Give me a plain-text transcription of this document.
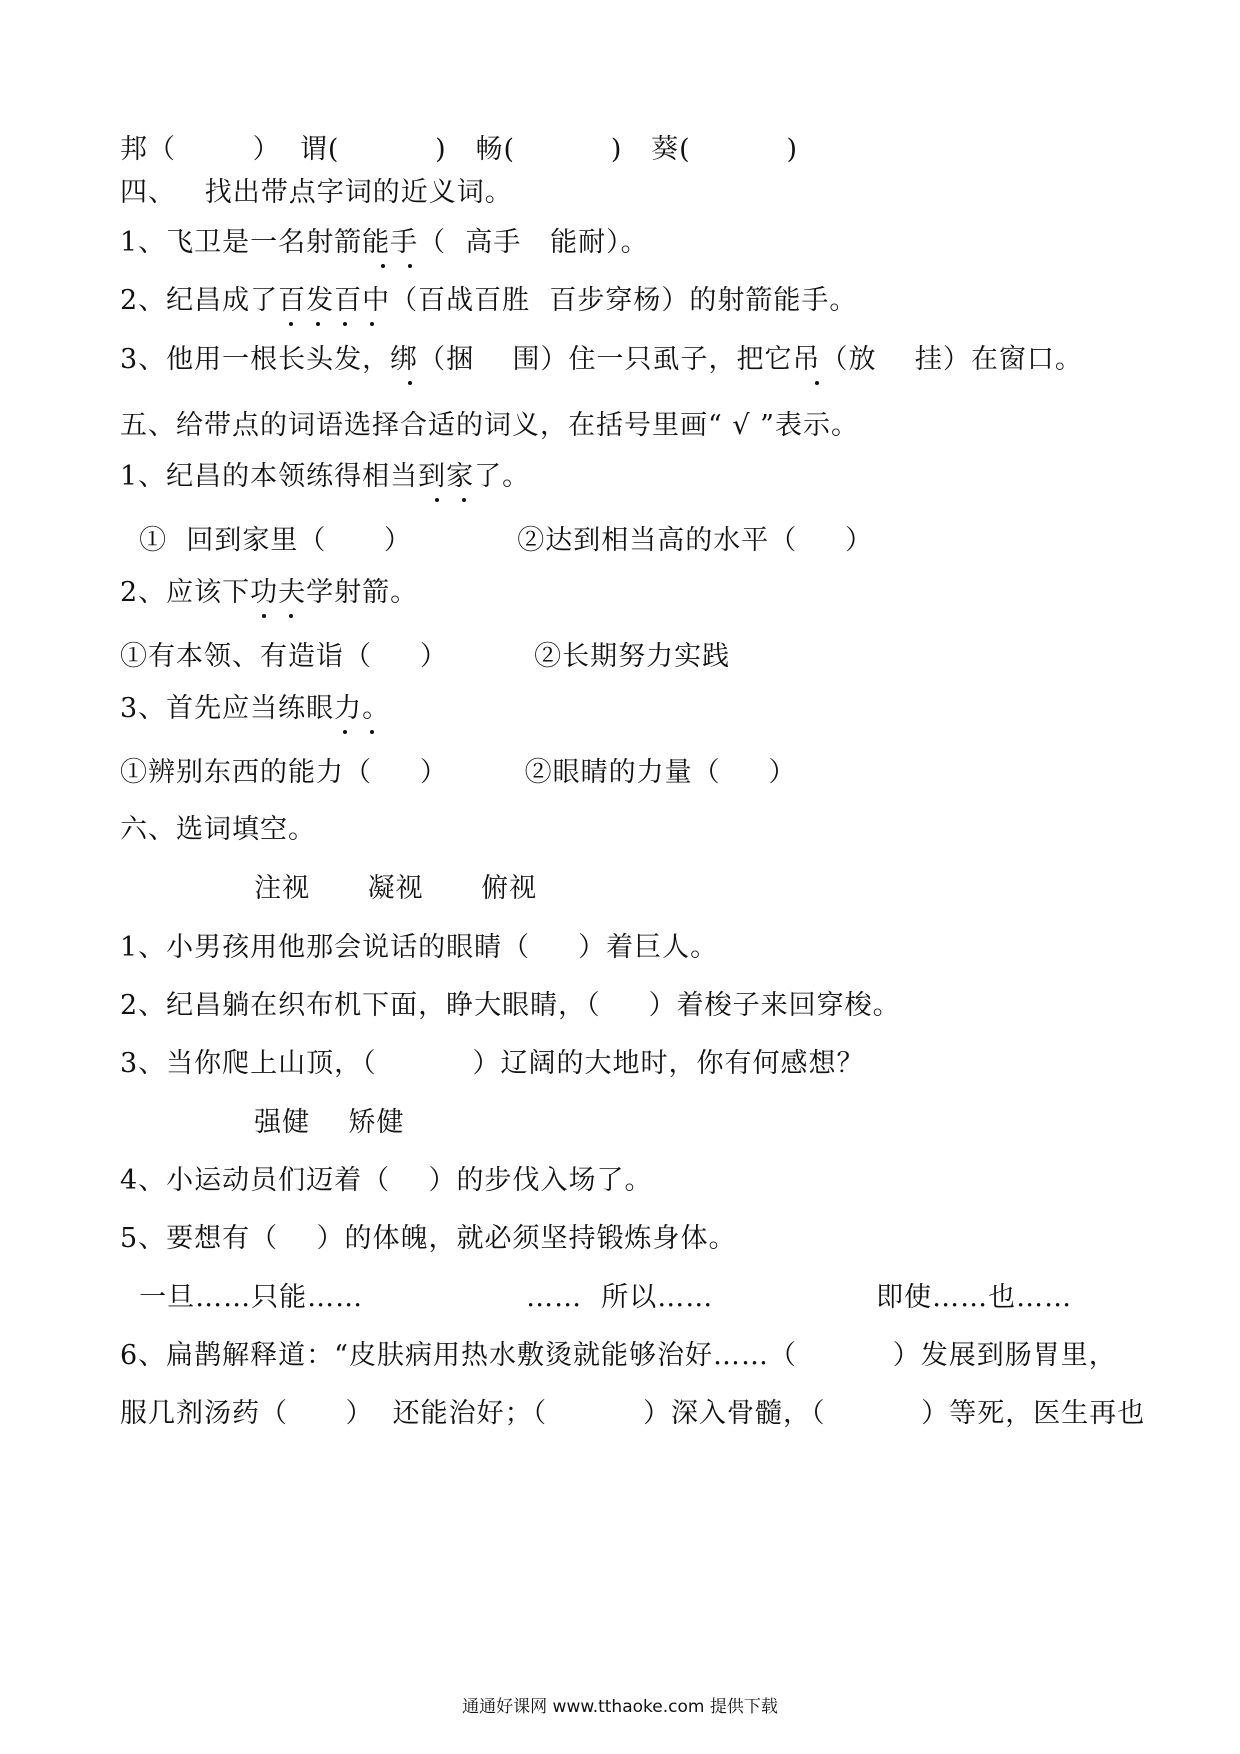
邦（        ）  谓(          )   畅(          )   葵(          )
四、   找出带点字词的近义词。
1、飞卫是一名射箭能手（  高手   能耐）。
2、纪昌成了百发百中（百战百胜  百步穿杨）的射箭能手。
3、他用一根长头发，绑（捆    围）住一只虱子，把它吊（放    挂）在窗口。
五、给带点的词语选择合适的词义，在括号里画“ √ ”表示。
1、纪昌的本领练得相当到家了。
①  回到家里（      ）           ②达到相当高的水平（     ）
2、应该下功夫学射箭。
①有本领、有造诣（     ）         ②长期努力实践
3、首先应当练眼力。
①辨别东西的能力（     ）        ②眼睛的力量（     ）
六、选词填空。
注视      凝视      俯视
1、小男孩用他那会说话的眼睛（     ）着巨人。
2、纪昌躺在织布机下面，睁大眼睛，（     ）着梭子来回穿梭。
3、当你爬上山顶，（          ）辽阔的大地时，你有何感想？
强健    矫健
4、小运动员们迈着（    ）的步伐入场了。
5、要想有（    ）的体魄，就必须坚持锻炼身体。
一旦……只能……                 ……  所以……                 即使……也……
6、扁鹊解释道：“皮肤病用热水敷烫就能够治好……（          ）发展到肠胃里，
服几剂汤药（      ）  还能治好；（          ）深入骨髓，（          ）等死，医生再也
通通好课网 www.tthaoke.com 提供下载
